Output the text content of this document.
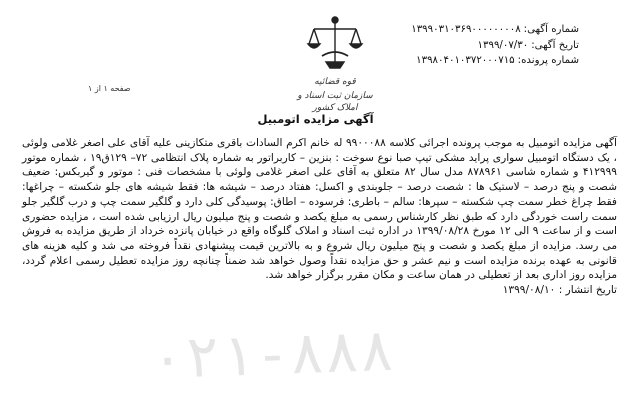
۰۲۱-۸۸۸
شماره آگهی:
۱۳۹۹۰۳۱۰۳۶۹۰۰۰۰۰۰۰۰۸
تاریخ آگهی:
۱۳۹۹/۰۷/۳۰
شماره پرونده:
۱۳۹۸۰۴۰۱۰۳۷۲۰۰۰۷۱۵
قوه قضائیه
سازمان ثبت اسناد و املاک کشور
صفحه ۱ از ۱
آگهی مزایده اتومبیل

آگهی مزایده اتومبیل به موجب پرونده اجرائی کلاسه ۹۹۰۰۰۸۸ له خانم اکرم السادات باقری متکازینی علیه آقای علی اصغر غلامی ولوئی ، یک دستگاه اتومبیل سواری پراید مشکی تیپ صبا نوع سوخت : بنزین – کاربراتور به شماره پلاک انتظامی ۷۲– ۱۲۹ق۱۹ ، شماره موتور ۴۱۲۹۹۹ و شماره شاسی ۸۷۸۹۶۱ مدل سال ۸۲ متعلق به آقای علی اصغر غلامی ولوئی با مشخصات فنی : موتور و گیربکس: ضعیف شصت و پنج درصد – لاستیک ها : شصت درصد – جلوبندی و اکسل: هفتاد درصد – شیشه ها: فقط شیشه های جلو شکسته – چراغها: فقط چراغ خطر سمت چپ شکسته – سپرها: سالم – باطری: فرسوده – اطاق: پوسیدگی کلی دارد و گلگیر سمت چپ و درب گلگیر جلو سمت راست خوردگی دارد که طبق نظر کارشناس رسمی به مبلغ یکصد و شصت و پنج میلیون ریال ارزیابی شده است ، مزایده حضوری است و از ساعت ۹ الی ۱۲ مورخ ۱۳۹۹/۰۸/۲۸ در اداره ثبت اسناد و املاک گلوگاه واقع در خیابان پانزده خرداد از طریق مزایده به فروش می رسد. مزایده از مبلغ یکصد و شصت و پنج میلیون ریال شروع و به بالاترین قیمت پیشنهادی نقداً فروخته می شد و کلیه هزینه های قانونی به عهده برنده مزایده است و نیم عشر و حق مزایده نقداً وصول خواهد شد ضمناً چنانچه روز مزایده تعطیل رسمی اعلام گردد، مزایده روز اداری بعد از تعطیلی در همان ساعت و مکان مقرر برگزار خواهد شد.

تاریخ انتشار : ۱۳۹۹/۰۸/۱۰
